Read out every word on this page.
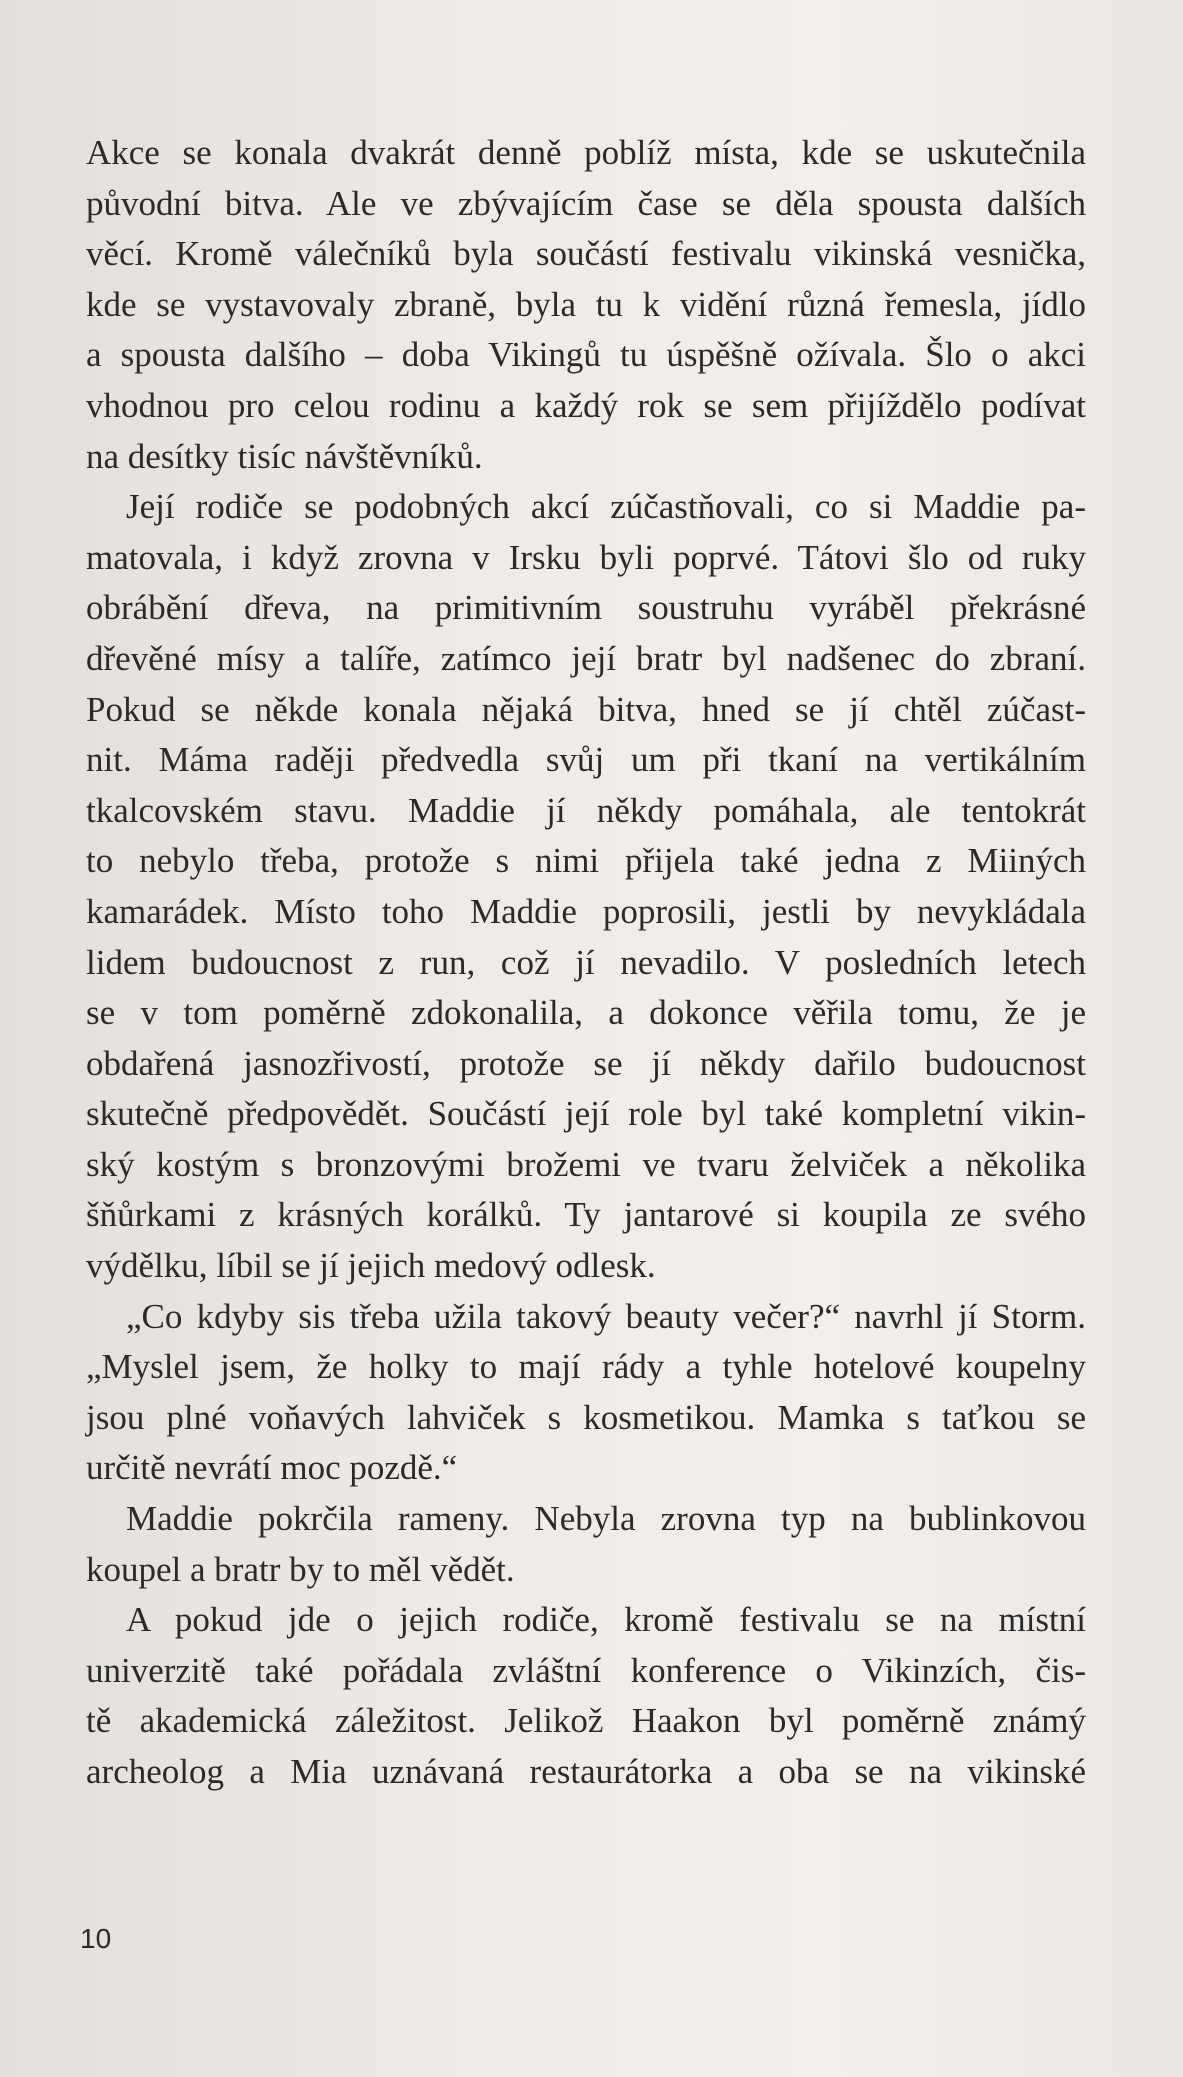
Akce se konala dvakrát denně poblíž místa, kde se uskutečnila
původní bitva. Ale ve zbývajícím čase se děla spousta dalších
věcí. Kromě válečníků byla součástí festivalu vikinská vesnička,
kde se vystavovaly zbraně, byla tu k vidění různá řemesla, jídlo
a spousta dalšího – doba Vikingů tu úspěšně ožívala. Šlo o akci
vhodnou pro celou rodinu a každý rok se sem přijíždělo podívat
na desítky tisíc návštěvníků.
Její rodiče se podobných akcí zúčastňovali, co si Maddie pa-
matovala, i když zrovna v Irsku byli poprvé. Tátovi šlo od ruky
obrábění dřeva, na primitivním soustruhu vyráběl překrásné
dřevěné mísy a talíře, zatímco její bratr byl nadšenec do zbraní.
Pokud se někde konala nějaká bitva, hned se jí chtěl zúčast-
nit. Máma raději předvedla svůj um při tkaní na vertikálním
tkalcovském stavu. Maddie jí někdy pomáhala, ale tentokrát
to nebylo třeba, protože s nimi přijela také jedna z Miiných
kamarádek. Místo toho Maddie poprosili, jestli by nevykládala
lidem budoucnost z run, což jí nevadilo. V posledních letech
se v tom poměrně zdokonalila, a dokonce věřila tomu, že je
obdařená jasnozřivostí, protože se jí někdy dařilo budoucnost
skutečně předpovědět. Součástí její role byl také kompletní vikin-
ský kostým s bronzovými brožemi ve tvaru želviček a několika
šňůrkami z krásných korálků. Ty jantarové si koupila ze svého
výdělku, líbil se jí jejich medový odlesk.
„Co kdyby sis třeba užila takový beauty večer?“ navrhl jí Storm.
„Myslel jsem, že holky to mají rády a tyhle hotelové koupelny
jsou plné voňavých lahviček s kosmetikou. Mamka s taťkou se
určitě nevrátí moc pozdě.“
Maddie pokrčila rameny. Nebyla zrovna typ na bublinkovou
koupel a bratr by to měl vědět.
A pokud jde o jejich rodiče, kromě festivalu se na místní
univerzitě také pořádala zvláštní konference o Vikinzích, čis-
tě akademická záležitost. Jelikož Haakon byl poměrně známý
archeolog a Mia uznávaná restaurátorka a oba se na vikinské
10
